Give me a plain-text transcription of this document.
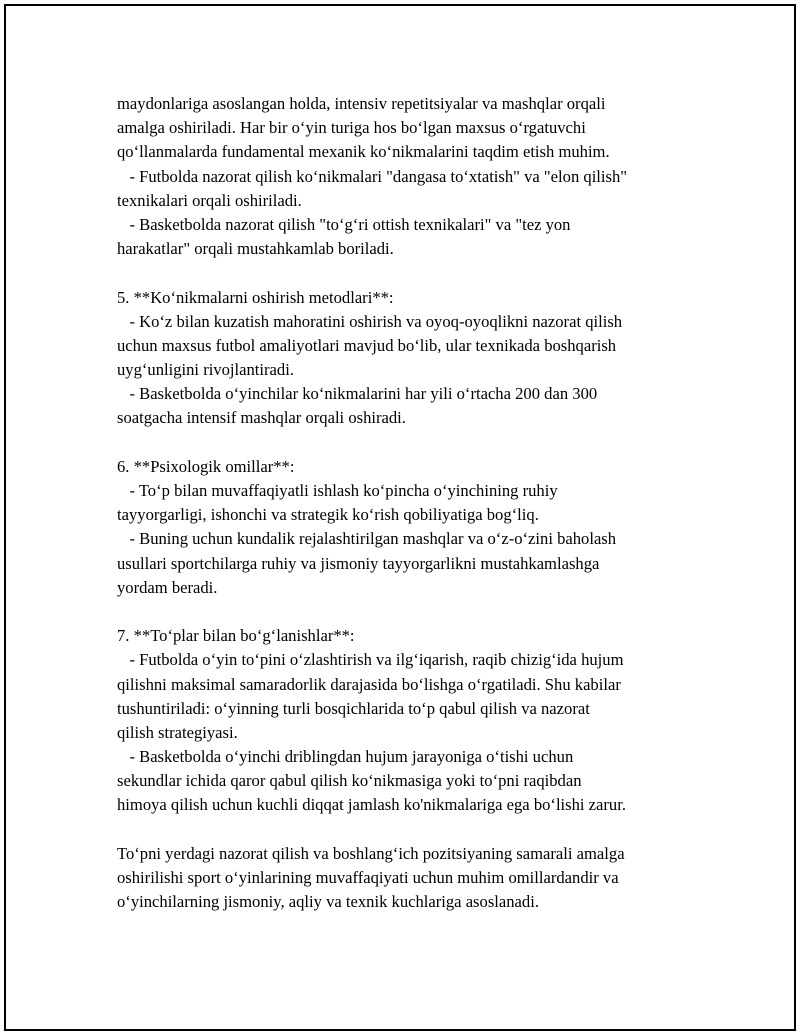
maydonlariga asoslangan holda, intensiv repetitsiyalar va mashqlar orqali
amalga oshiriladi. Har bir o‘yin turiga hos bo‘lgan maxsus o‘rgatuvchi
qo‘llanmalarda fundamental mexanik ko‘nikmalarini taqdim etish muhim.
- Futbolda nazorat qilish ko‘nikmalari "dangasa to‘xtatish" va "elon qilish"
texnikalari orqali oshiriladi.
- Basketbolda nazorat qilish "to‘g‘ri ottish texnikalari" va "tez yon
harakatlar" orqali mustahkamlab boriladi.
5. **Ko‘nikmalarni oshirish metodlari**:
- Ko‘z bilan kuzatish mahoratini oshirish va oyoq-oyoqlikni nazorat qilish
uchun maxsus futbol amaliyotlari mavjud bo‘lib, ular texnikada boshqarish
uyg‘unligini rivojlantiradi.
- Basketbolda o‘yinchilar ko‘nikmalarini har yili o‘rtacha 200 dan 300
soatgacha intensif mashqlar orqali oshiradi.
6. **Psixologik omillar**:
- To‘p bilan muvaffaqiyatli ishlash ko‘pincha o‘yinchining ruhiy
tayyorgarligi, ishonchi va strategik ko‘rish qobiliyatiga bog‘liq.
- Buning uchun kundalik rejalashtirilgan mashqlar va o‘z-o‘zini baholash
usullari sportchilarga ruhiy va jismoniy tayyorgarlikni mustahkamlashga
yordam beradi.
7. **To‘plar bilan bo‘g‘lanishlar**:
- Futbolda o‘yin to‘pini o‘zlashtirish va ilg‘iqarish, raqib chizig‘ida hujum
qilishni maksimal samaradorlik darajasida bo‘lishga o‘rgatiladi. Shu kabilar
tushuntiriladi: o‘yinning turli bosqichlarida to‘p qabul qilish va nazorat
qilish strategiyasi.
- Basketbolda o‘yinchi driblingdan hujum jarayoniga o‘tishi uchun
sekundlar ichida qaror qabul qilish ko‘nikmasiga yoki to‘pni raqibdan
himoya qilish uchun kuchli diqqat jamlash ko'nikmalariga ega bo‘lishi zarur.
To‘pni yerdagi nazorat qilish va boshlang‘ich pozitsiyaning samarali amalga
oshirilishi sport o‘yinlarining muvaffaqiyati uchun muhim omillardandir va
o‘yinchilarning jismoniy, aqliy va texnik kuchlariga asoslanadi.
